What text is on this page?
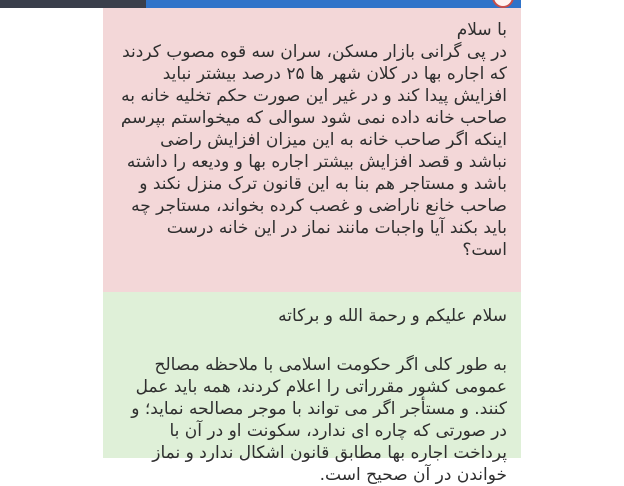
با سلام
در پی گرانی بازار مسکن، سران سه قوه مصوب کردند که اجاره بها در کلان شهر ها ۲۵ درصد بیشتر نباید افزایش پیدا کند و در غیر این صورت حکم تخلیه خانه به صاحب خانه داده نمی شود سوالی که میخواستم بپرسم اینکه اگر صاحب خانه به این میزان افزایش راضی نباشد و قصد افزایش بیشتر اجاره بها و ودیعه را داشته باشد و مستاجر هم بنا به این قانون ترک منزل نکند و صاحب خانع ناراضی و غصب کرده بخواند، مستاجر چه باید بکند آیا واجبات مانند نماز در این خانه درست است؟
سلام علیکم و رحمة الله و برکاته
به طور کلی اگر حکومت اسلامی با ملاحظه مصالح عمومی کشور مقرراتی را اعلام کردند، همه باید عمل کنند. و مستأجر اگر می تواند با موجر مصالحه نماید؛ و در صورتی که چاره ای ندارد، سکونت او در آن با پرداخت اجاره بها مطابق قانون اشکال ندارد و نماز خواندن در آن صحیح است.
